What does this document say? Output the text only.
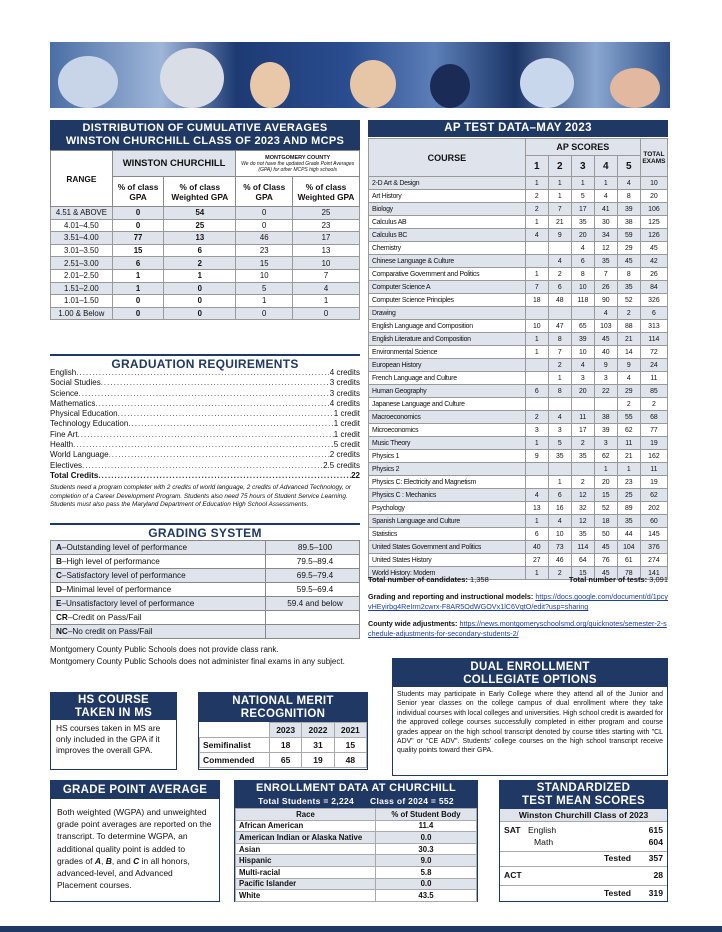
DISTRIBUTION OF CUMULATIVE AVERAGES
WINSTON CHURCHILL CLASS OF 2023 AND MCPS
RANGE	WINSTON CHURCHILL		MONTGOMERY COUNTY
We do not have the updated Grade Point Averages (GPA) for other MCPS high schools	

	% of class GPA	% of class Weighted GPA	% of Class GPA	% of class Weighted GPA
4.51 & ABOVE	0	54	0	25
4.01–4.50	0	25	0	23
3.51–4.00	77	13	46	17
3.01–3.50	15	6	23	13
2.51–3.00	6	2	15	10
2.01–2.50	1	1	10	7
1.51–2.00	1	0	5	4
1.01–1.50	0	0	1	1
1.00 & Below	0	0	0	0
GRADUATION REQUIREMENTS
English .....	4 credits
Social Studies .....	3 credits
Science .....	3 credits
Mathematics .....	4 credits
Physical Education .....	1 credit
Technology Education .....	1 credit
Fine Art .....	1 credit
Health .....	.5 credit
World Language .....	2 credits
Electives .....	2.5 credits
Total Credits .....	22
Students need a program completer with 2 credits of world language, 2 credits of Advanced Technology, or completion of a Career Development Program. Students also need 75 hours of Student Service Learning. Students must also pass the Maryland Department of Education High School Assessments.
GRADING SYSTEM
A–Outstanding level of performance	89.5–100
B–High level of performance	79.5–89.4
C–Satisfactory level of performance	69.5–79.4
D–Minimal level of performance	59.5–69.4
E–Unsatisfactory level of performance	59.4 and below
CR–Credit on Pass/Fail	
NC–No credit on Pass/Fail	
Montgomery County Public Schools does not provide class rank.
Montgomery County Public Schools does not administer final exams in any subject.
AP TEST DATA–MAY 2023
COURSE	AP SCORES					TOTAL EXAMS
	1	2	3	4	5	
2-D Art & Design	1	1	1	1	4	10
Art History	2	1	5	4	8	20
Biology	2	7	17	41	39	106
Calculus AB	1	21	35	30	38	125
Calculus BC	4	9	20	34	59	126
Chemistry			4	12	29	45
Chinese Language & Culture		4	6	35	45	42
Comparative Government and Politics	1	2	8	7	8	26
Computer Science A	7	6	10	26	35	84
Computer Science Principles	18	48	118	90	52	326
Drawing				4	2	6
English Language and Composition	10	47	65	103	88	313
English Literature and Composition	1	8	39	45	21	114
Environmental Science	1	7	10	40	14	72
European History		2	4	9	9	24
French Language and Culture		1	3	3	4	11
Human Geography	6	8	20	22	29	85
Japanese Language and Culture					2	2
Macroeconomics	2	4	11	38	55	68
Microeconomics	3	3	17	39	62	77
Music Theory	1	5	2	3	11	19
Physics 1	9	35	35	62	21	162
Physics 2				1	1	11
Physics C: Electricity and Magnetism		1	2	20	23	19
Physics C : Mechanics	4	6	12	15	25	62
Psychology	13	16	32	52	89	202
Spanish Language and Culture	1	4	12	18	35	60
Statistics	6	10	35	50	44	145
United States Government and Politics	40	73	114	45	104	376
United States History	27	46	64	76	61	274
World History: Modern	1	2	15	45	78	141
Total number of candidates: 1,358	Total number of tests: 3,091
Grading and reporting and instructional models: https://docs.google.com/document/d/1pcyvHEyirbg4ReIrm2cwrx-F8AR5OdWGOVx1lC6VqtO/edit?usp=sharing
County wide adjustments: https://news.montgomeryschoolsmd.org/quicknotes/semester-2-schedule-adjustments-for-secondary-students-2/
DUAL ENROLLMENT
COLLEGIATE OPTIONS
Students may participate in Early College where they attend all of the Junior and Senior year classes on the college campus of dual enrollment where they take individual courses with local colleges and universities. High school credit is awarded for the approved college courses successfully completed in either program and course grades appear on the high school transcript denoted by course titles starting with "CL ADV" or "CE ADV". Students' college courses on the high school transcript receive quality points toward their GPA.
HS COURSE
TAKEN IN MS
HS courses taken in MS are only included in the GPA if it improves the overall GPA.
NATIONAL MERIT
RECOGNITION
	2023	2022	2021
Semifinalist	18	31	15
Commended	65	19	48
GRADE POINT AVERAGE
Both weighted (WGPA) and unweighted grade point averages are reported on the transcript. To determine WGPA, an additional quality point is added to grades of A, B, and C in all honors, advanced-level, and Advanced Placement courses.
ENROLLMENT DATA AT CHURCHILL
Total Students = 2,224      Class of 2024 = 552
Race	% of Student Body
African American	11.4
American Indian or Alaska Native	0.0
Asian	30.3
Hispanic	9.0
Multi-racial	5.8
Pacific Islander	0.0
White	43.5
STANDARDIZED
TEST MEAN SCORES
Winston Churchill Class of 2023
SAT English	615
Math	604
Tested 357
ACT	28
Tested 319
